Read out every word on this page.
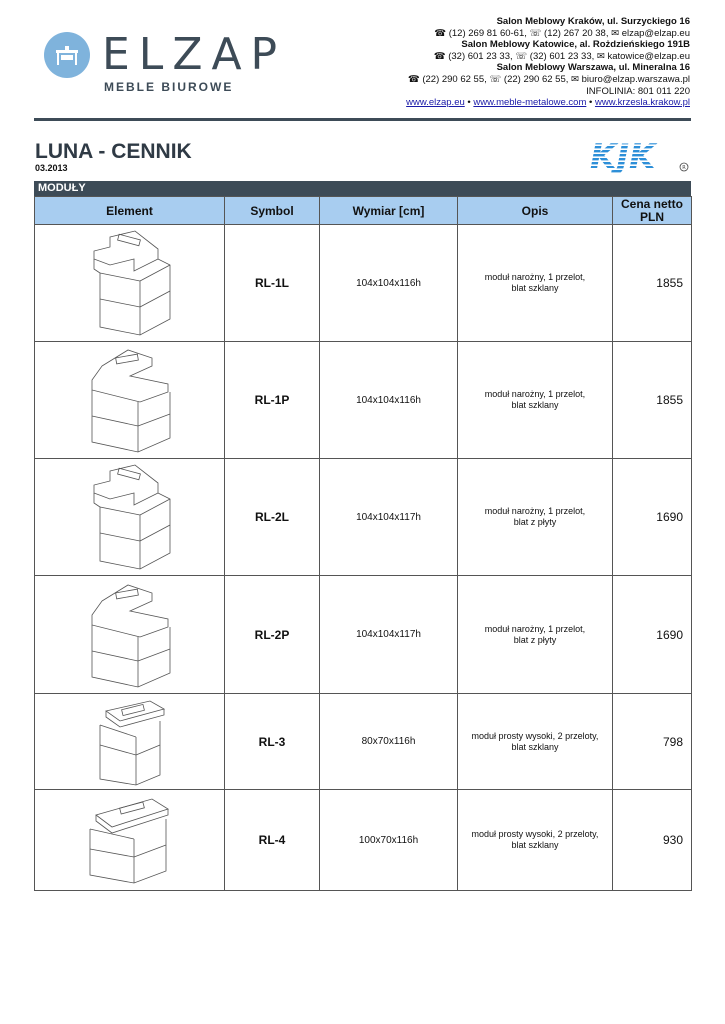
ELZAP
MEBLE BIUROWE
Salon Meblowy Kraków, ul. Surzyckiego 16
☎ (12) 269 81 60-61, ☏ (12) 267 20 38, ✉ elzap@elzap.eu
Salon Meblowy Katowice, al. Rożdzieńskiego 191B
☎ (32) 601 23 33, ☏ (32) 601 23 33, ✉ katowice@elzap.eu
Salon Meblowy Warszawa, ul. Mineralna 16
☎ (22) 290 62 55, ☏ (22) 290 62 55, ✉ biuro@elzap.warszawa.pl
INFOLINIA: 801 011 220
www.elzap.eu • www.meble-metalowe.com • www.krzesla.krakow.pl
LUNA - CENNIK
03.2013	KJK	R
MODUŁY
Element	Symbol	Wymiar [cm]	Opis	Cena netto PLN

	RL-1L	104x104x116h	moduł narożny, 1 przelot,
blat szklany	1855

	RL-1P	104x104x116h	moduł narożny, 1 przelot,
blat szklany	1855

	RL-2L	104x104x117h	moduł narożny, 1 przelot,
blat z płyty	1690

	RL-2P	104x104x117h	moduł narożny, 1 przelot,
blat z płyty	1690

	RL-3	80x70x116h	moduł prosty wysoki, 2 przeloty,
blat szklany	798

	RL-4	100x70x116h	moduł prosty wysoki, 2 przeloty,
blat szklany	930
